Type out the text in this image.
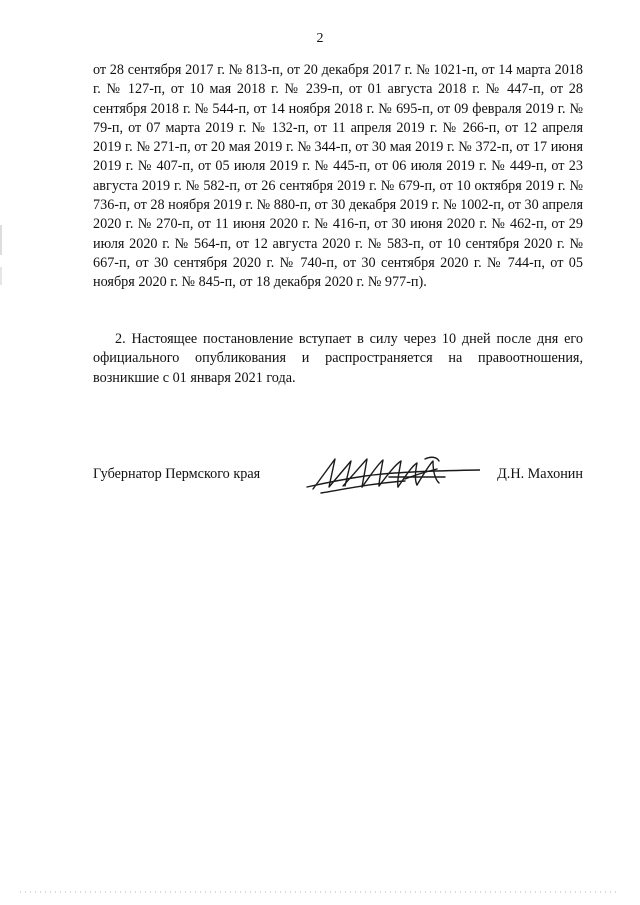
2

от 28 сентября 2017 г. № 813-п, от 20 декабря 2017 г. № 1021-п, от 14 марта 2018 г. № 127-п, от 10 мая 2018 г. № 239-п, от 01 августа 2018 г. № 447-п, от 28 сентября 2018 г. № 544-п, от 14 ноября 2018 г. № 695-п, от 09 февраля 2019 г. № 79-п, от 07 марта 2019 г. № 132-п, от 11 апреля 2019 г. № 266-п, от 12 апреля 2019 г. № 271-п, от 20 мая 2019 г. № 344-п, от 30 мая 2019 г. № 372-п, от 17 июня 2019 г. № 407-п, от 05 июля 2019 г. № 445-п, от 06 июля 2019 г. № 449-п, от 23 августа 2019 г. № 582-п, от 26 сентября 2019 г. № 679-п, от 10 октября 2019 г. № 736-п, от 28 ноября 2019 г. № 880-п, от 30 декабря 2019 г. № 1002-п, от 30 апреля 2020 г. № 270-п, от 11 июня 2020 г. № 416-п, от 30 июня 2020 г. № 462-п, от 29 июля 2020 г. № 564-п, от 12 августа 2020 г. № 583-п, от 10 сентября 2020 г. № 667-п, от 30 сентября 2020 г. № 740-п, от 30 сентября 2020 г. № 744-п, от 05 ноября 2020 г. № 845-п, от 18 декабря 2020 г. № 977-п).

2. Настоящее постановление вступает в силу через 10 дней после дня его официального опубликования и распространяется на правоотношения, возникшие с 01 января 2021 года.

Губернатор Пермского края	Д.Н. Махонин
